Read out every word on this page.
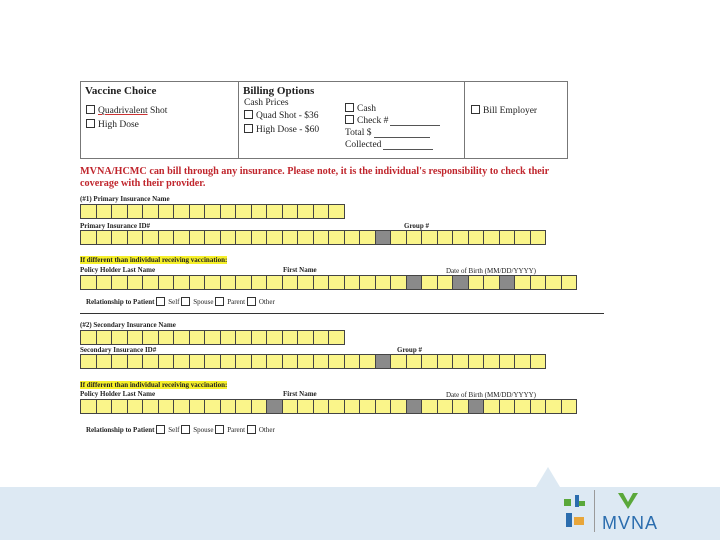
Vaccine Choice
Quadrivalent Shot
High Dose
Billing Options
Cash Prices
Quad Shot - $36
High Dose - $60
Cash
Check #
Total $
Collected
Bill Employer
MVNA/HCMC can bill through any insurance. Please note, it is the individual's responsibility to check their coverage with their provider.
(#1) Primary Insurance Name
Primary Insurance ID#	Group #
If different than individual receiving vaccination:
Policy Holder Last Name	First Name	Date of Birth (MM/DD/YYYY)
Relationship to Patient Self Spouse Parent Other
(#2) Secondary Insurance Name
Secondary Insurance ID#	Group #
If different than individual receiving vaccination:
Policy Holder Last Name	First Name	Date of Birth (MM/DD/YYYY)
Relationship to Patient Self Spouse Parent Other
MVNA
